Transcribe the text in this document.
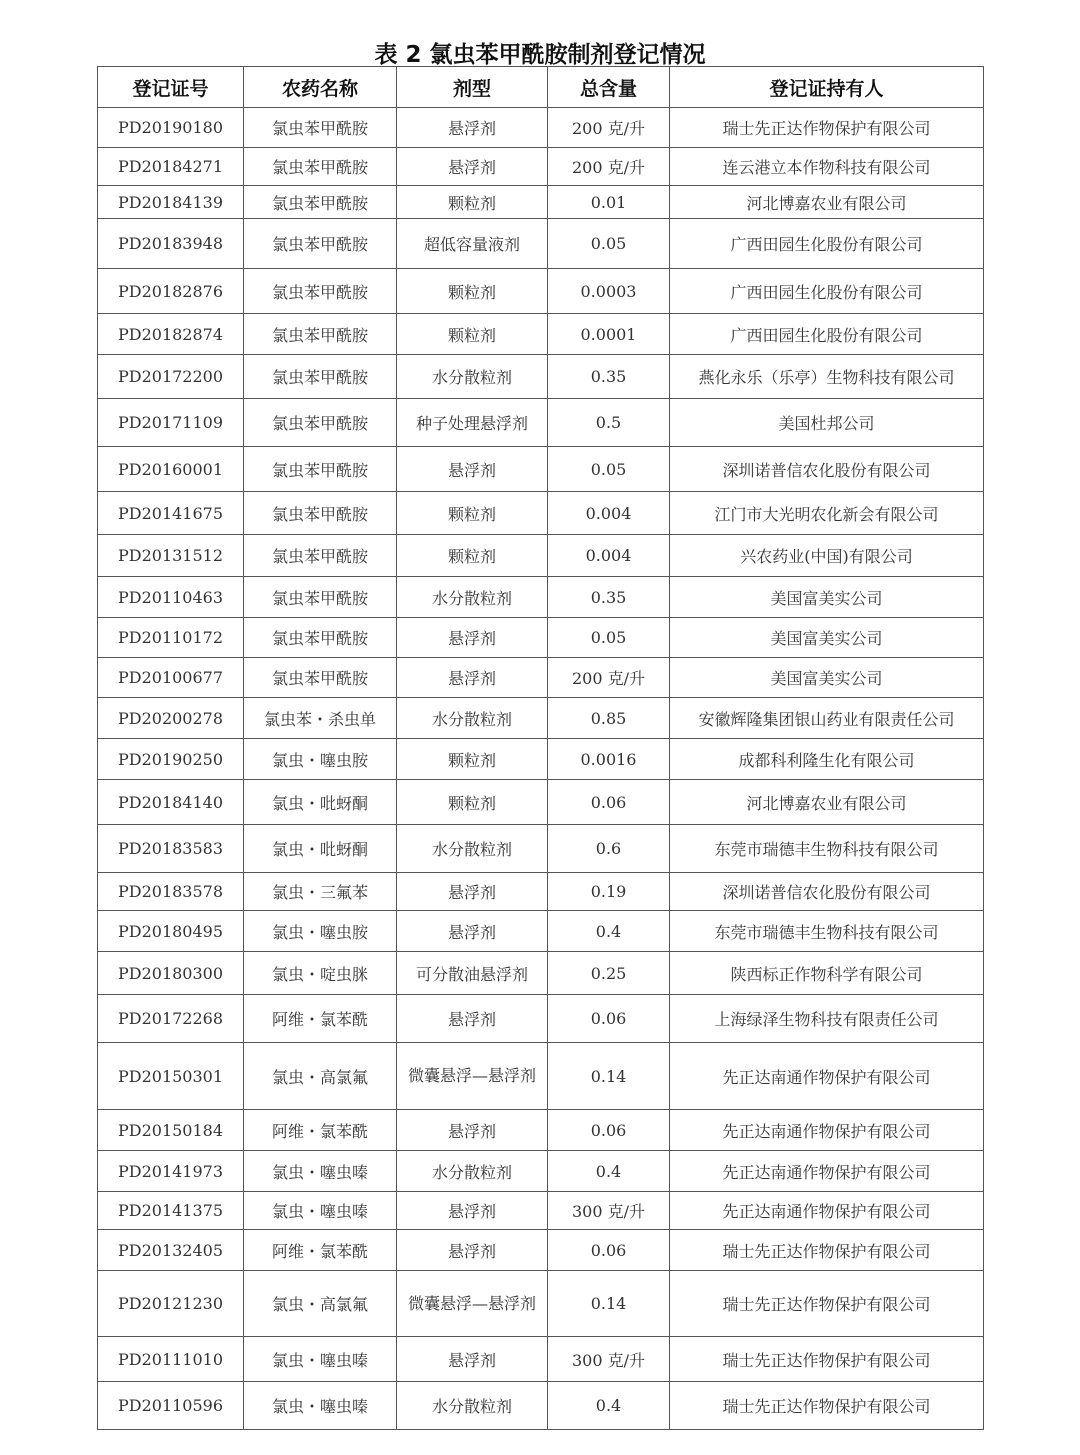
表 2 氯虫苯甲酰胺制剂登记情况
登记证号	农药名称	剂型	总含量	登记证持有人
PD20190180	氯虫苯甲酰胺	悬浮剂	200 克/升	瑞士先正达作物保护有限公司
PD20184271	氯虫苯甲酰胺	悬浮剂	200 克/升	连云港立本作物科技有限公司
PD20184139	氯虫苯甲酰胺	颗粒剂	0.01	河北博嘉农业有限公司
PD20183948	氯虫苯甲酰胺	超低容量液剂	0.05	广西田园生化股份有限公司
PD20182876	氯虫苯甲酰胺	颗粒剂	0.0003	广西田园生化股份有限公司
PD20182874	氯虫苯甲酰胺	颗粒剂	0.0001	广西田园生化股份有限公司
PD20172200	氯虫苯甲酰胺	水分散粒剂	0.35	燕化永乐（乐亭）生物科技有限公司
PD20171109	氯虫苯甲酰胺	种子处理悬浮剂	0.5	美国杜邦公司
PD20160001	氯虫苯甲酰胺	悬浮剂	0.05	深圳诺普信农化股份有限公司
PD20141675	氯虫苯甲酰胺	颗粒剂	0.004	江门市大光明农化新会有限公司
PD20131512	氯虫苯甲酰胺	颗粒剂	0.004	兴农药业(中国)有限公司
PD20110463	氯虫苯甲酰胺	水分散粒剂	0.35	美国富美实公司
PD20110172	氯虫苯甲酰胺	悬浮剂	0.05	美国富美实公司
PD20100677	氯虫苯甲酰胺	悬浮剂	200 克/升	美国富美实公司
PD20200278	氯虫苯・杀虫单	水分散粒剂	0.85	安徽辉隆集团银山药业有限责任公司
PD20190250	氯虫・噻虫胺	颗粒剂	0.0016	成都科利隆生化有限公司
PD20184140	氯虫・吡蚜酮	颗粒剂	0.06	河北博嘉农业有限公司
PD20183583	氯虫・吡蚜酮	水分散粒剂	0.6	东莞市瑞德丰生物科技有限公司
PD20183578	氯虫・三氟苯	悬浮剂	0.19	深圳诺普信农化股份有限公司
PD20180495	氯虫・噻虫胺	悬浮剂	0.4	东莞市瑞德丰生物科技有限公司
PD20180300	氯虫・啶虫脒	可分散油悬浮剂	0.25	陕西标正作物科学有限公司
PD20172268	阿维・氯苯酰	悬浮剂	0.06	上海绿泽生物科技有限责任公司
PD20150301	氯虫・高氯氟	微囊悬浮—悬浮剂	0.14	先正达南通作物保护有限公司
PD20150184	阿维・氯苯酰	悬浮剂	0.06	先正达南通作物保护有限公司
PD20141973	氯虫・噻虫嗪	水分散粒剂	0.4	先正达南通作物保护有限公司
PD20141375	氯虫・噻虫嗪	悬浮剂	300 克/升	先正达南通作物保护有限公司
PD20132405	阿维・氯苯酰	悬浮剂	0.06	瑞士先正达作物保护有限公司
PD20121230	氯虫・高氯氟	微囊悬浮—悬浮剂	0.14	瑞士先正达作物保护有限公司
PD20111010	氯虫・噻虫嗪	悬浮剂	300 克/升	瑞士先正达作物保护有限公司
PD20110596	氯虫・噻虫嗪	水分散粒剂	0.4	瑞士先正达作物保护有限公司
